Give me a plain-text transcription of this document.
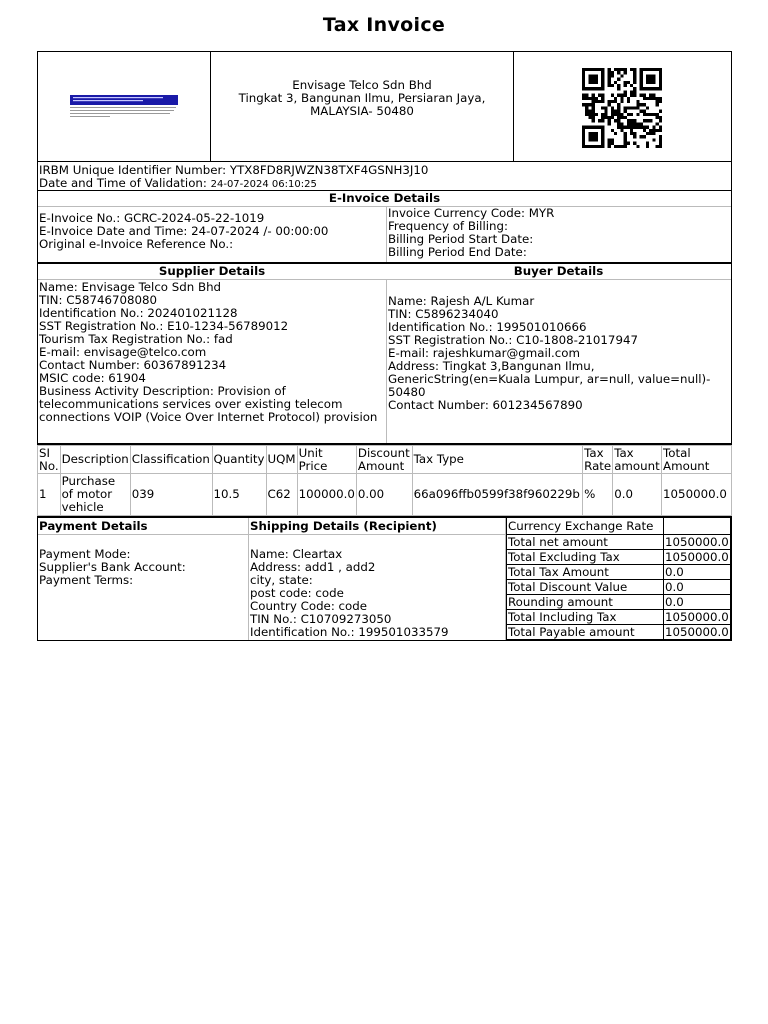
Tax Invoice
Envisage Telco Sdn Bhd
Tingkat 3, Bangunan Ilmu, Persiaran Jaya,
MALAYSIA- 50480
IRBM Unique Identifier Number: YTX8FD8RJWZN38TXF4GSNH3J10
Date and Time of Validation: 24-07-2024 06:10:25
E-Invoice Details
E-Invoice No.: GCRC-2024-05-22-1019
E-Invoice Date and Time: 24-07-2024 /- 00:00:00
Original e-Invoice Reference No.:
Invoice Currency Code: MYR
Frequency of Billing:
Billing Period Start Date:
Billing Period End Date:
Supplier Details	Buyer Details
Name: Envisage Telco Sdn Bhd
TIN: C58746708080
Identification No.: 202401021128
SST Registration No.: E10-1234-56789012
Tourism Tax Registration No.: fad
E-mail: envisage@telco.com
Contact Number: 60367891234
MSIC code: 61904
Business Activity Description: Provision of telecommunications services over existing telecom connections VOIP (Voice Over Internet Protocol) provision
Name: Rajesh A/L Kumar
TIN: C5896234040
Identification No.: 199501010666
SST Registration No.: C10-1808-21017947
E-mail: rajeshkumar@gmail.com
Address: Tingkat 3,Bangunan Ilmu, GenericString(en=Kuala Lumpur, ar=null, value=null)- 50480
Contact Number: 601234567890
SI No.	Description	Classification	Quantity	UQM	Unit Price	Discount Amount	Tax Type	Tax Rate	Tax amount	Total Amount
1	Purchase of motor vehicle	039	10.5	C62	100000.0	0.00	66a096ffb0599f38f960229b	%	0.0	1050000.0
Payment Details
Payment Mode:
Supplier's Bank Account:
Payment Terms:
Shipping Details (Recipient)
Name: Cleartax
Address: add1 , add2
city, state:
post code: code
Country Code: code
TIN No.: C10709273050
Identification No.: 199501033579
Currency Exchange Rate	
Total net amount	1050000.0
Total Excluding Tax	1050000.0
Total Tax Amount	0.0
Total Discount Value	0.0
Rounding amount	0.0
Total Including Tax	1050000.0
Total Payable amount	1050000.0
